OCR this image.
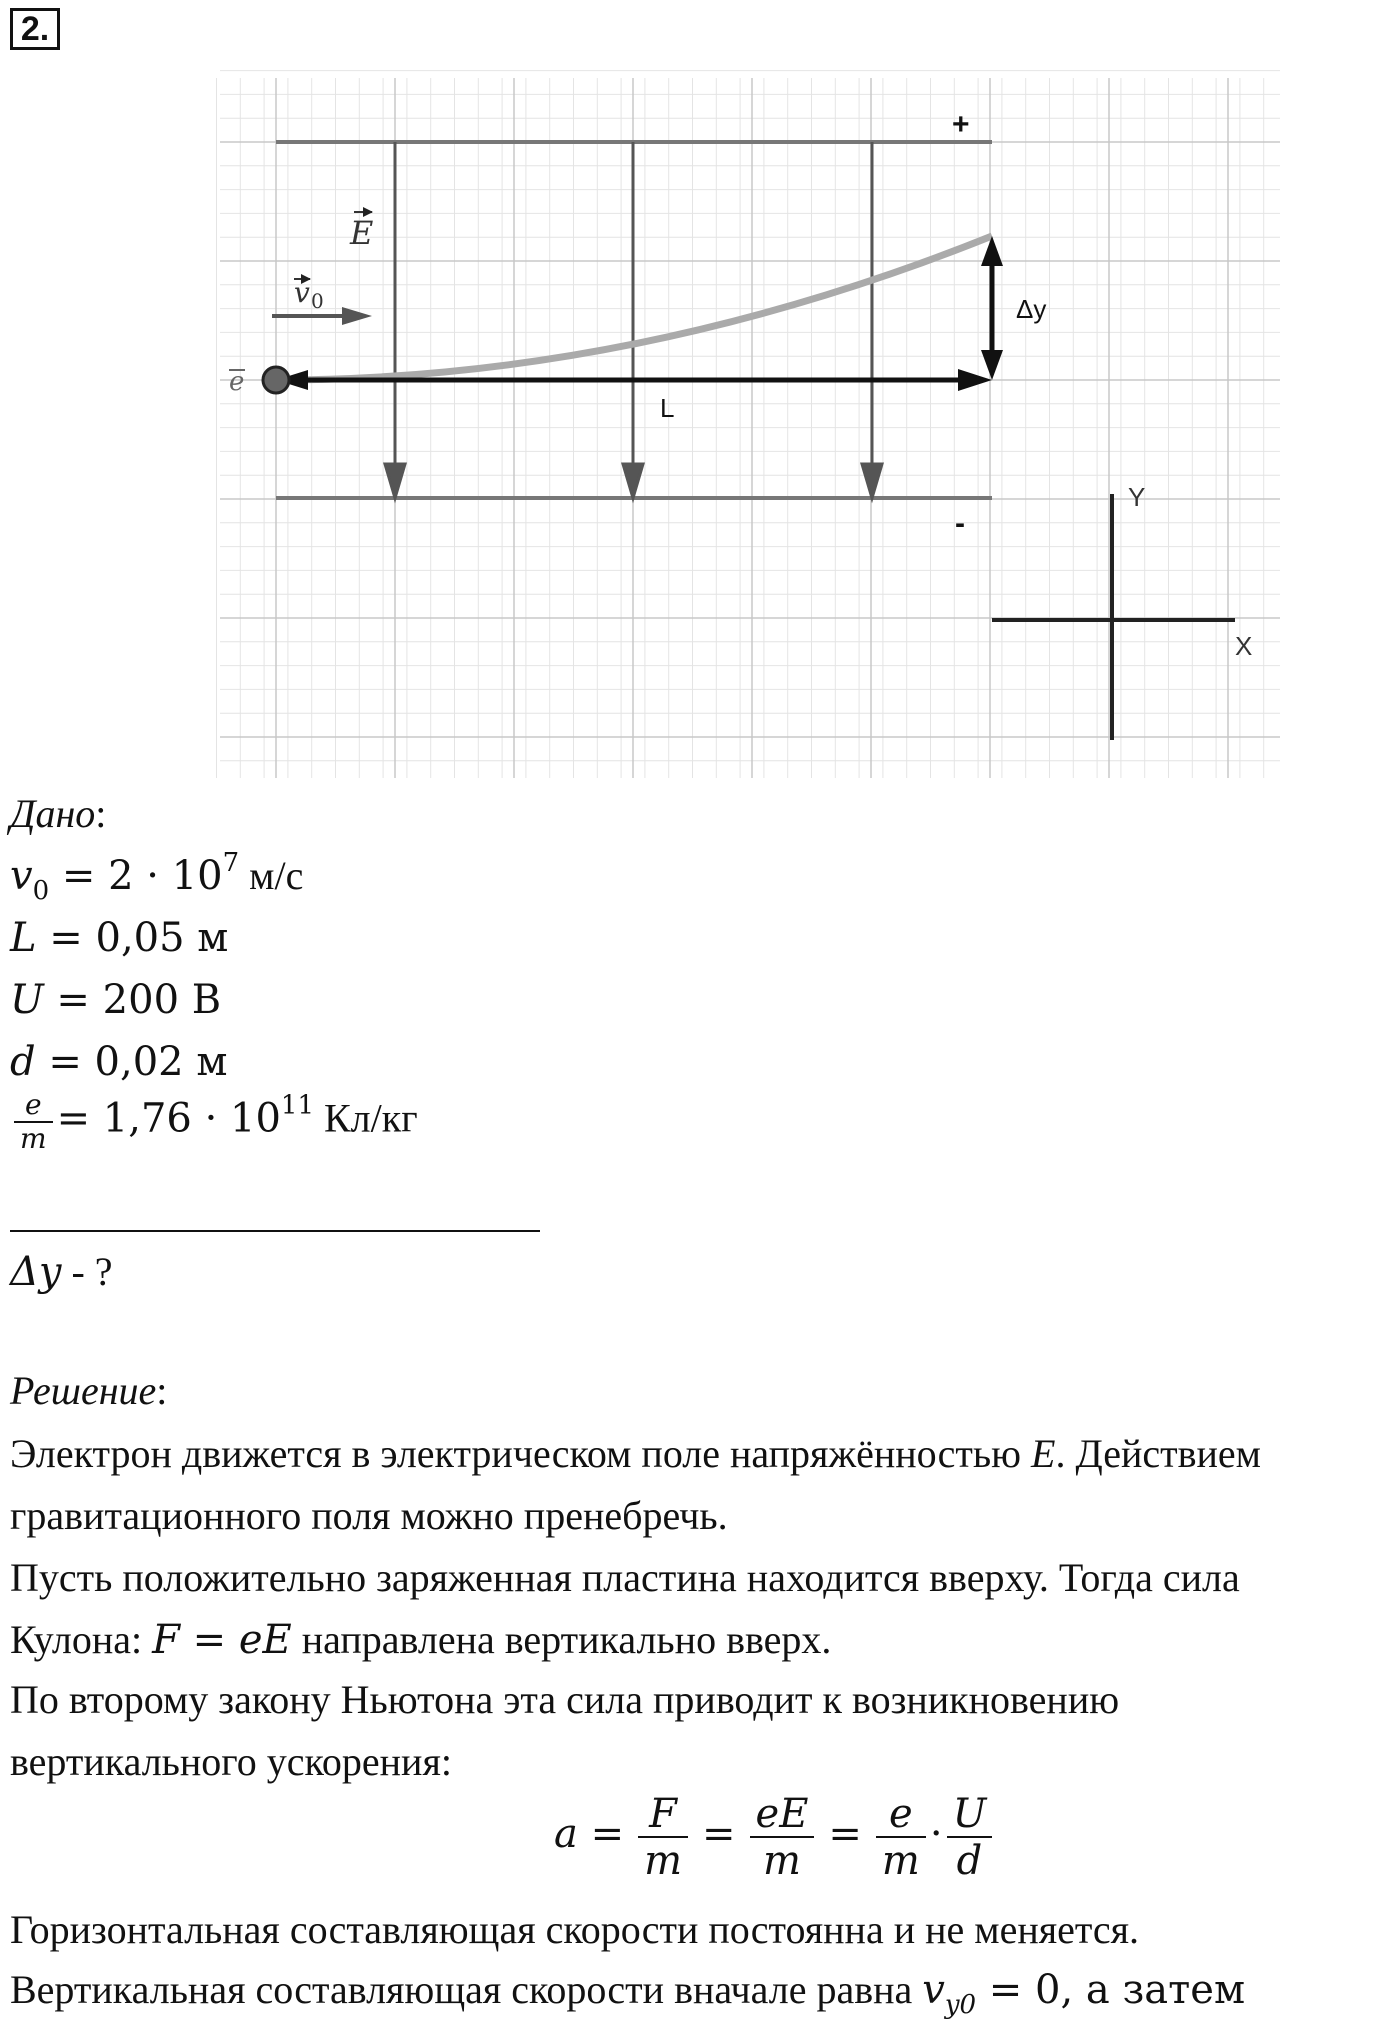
2.
+
-
E
v 0
e
L
Δy
Y
X
Дано:
$v_0 = 2 \cdot 10^7$ м/с
L = 0,05 м
U = 200 В
d = 0,02 м
$\frac{e}{m} = 1,76 \cdot 10^{11}$ Кл/кг
Δy - ?
Решение:
Электрон движется в электрическом поле напряжённостью E. Действием
гравитационного поля можно пренебречь.
Пусть положительно заряженная пластина находится вверху. Тогда сила
Кулона: F = eE направлена вертикально вверх.
По второму закону Ньютона эта сила приводит к возникновению
вертикального ускорения:
$a = \frac{F}{m} = \frac{eE}{m} = \frac{e}{m} \cdot \frac{U}{d}$
Горизонтальная составляющая скорости постоянна и не меняется.
Вертикальная составляющая скорости вначале равна $v_{y0} = 0$, а затем
